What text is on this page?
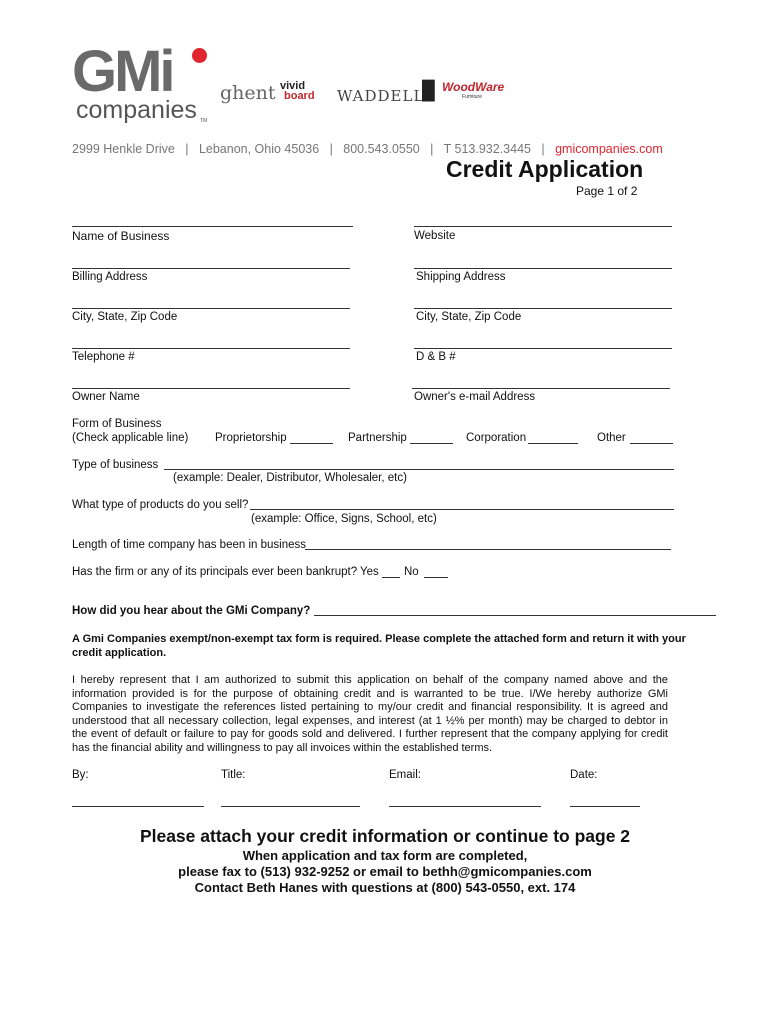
GMi
companies TM
ghent vivid
board WADDELL
█ WoodWare
Furniture
2999 Henkle Drive | Lebanon, Ohio 45036 | 800.543.0550 | T 513.932.3445 | gmicompanies.com
Credit Application
Page 1 of 2
Name of Business	Website
Billing Address	Shipping Address
City, State, Zip Code	City, State, Zip Code
Telephone #	D & B #
Owner Name	Owner's e-mail Address
Form of Business
(Check applicable line) Proprietorship	Partnership	Corporation	Other
Type of business
(example: Dealer, Distributor, Wholesaler, etc)
What type of products do you sell?
(example: Office, Signs, School, etc)
Length of time company has been in business
Has the firm or any of its principals ever been bankrupt? Yes No
How did you hear about the GMi Company?
A Gmi Companies exempt/non-exempt tax form is required. Please complete the attached form and return it with your credit application.
I hereby represent that I am authorized to submit this application on behalf of the company named above and the information provided is for the purpose of obtaining credit and is warranted to be true. I/We hereby authorize GMi Companies to investigate the references listed pertaining to my/our credit and financial responsibility. It is agreed and understood that all necessary collection, legal expenses, and interest (at 1 ½% per month) may be charged to debtor in the event of default or failure to pay for goods sold and delivered. I further represent that the company applying for credit has the financial ability and willingness to pay all invoices within the established terms.
By:	Title:	Email:	Date:
Please attach your credit information or continue to page 2
When application and tax form are completed,
please fax to (513) 932-9252 or email to bethh@gmicompanies.com
Contact Beth Hanes with questions at (800) 543-0550, ext. 174
